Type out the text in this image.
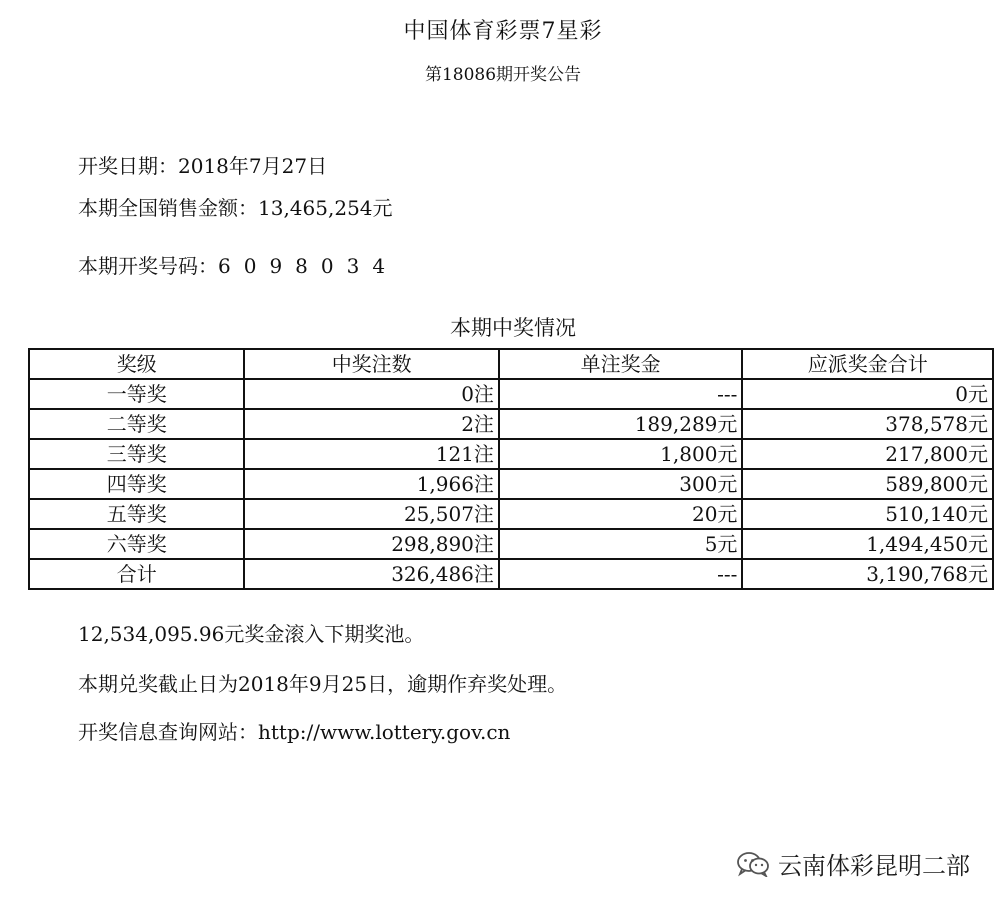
中国体育彩票7星彩
第18086期开奖公告
开奖日期：2018年7月27日
本期全国销售金额：13,465,254元
本期开奖号码：6098034
本期中奖情况
奖级	中奖注数	单注奖金	应派奖金合计
一等奖	0注	---	0元
二等奖	2注	189,289元	378,578元
三等奖	121注	1,800元	217,800元
四等奖	1,966注	300元	589,800元
五等奖	25,507注	20元	510,140元
六等奖	298,890注	5元	1,494,450元
合计	326,486注	---	3,190,768元
12,534,095.96元奖金滚入下期奖池。
本期兑奖截止日为2018年9月25日，逾期作弃奖处理。
开奖信息查询网站：http://www.lottery.gov.cn
云南体彩昆明二部
